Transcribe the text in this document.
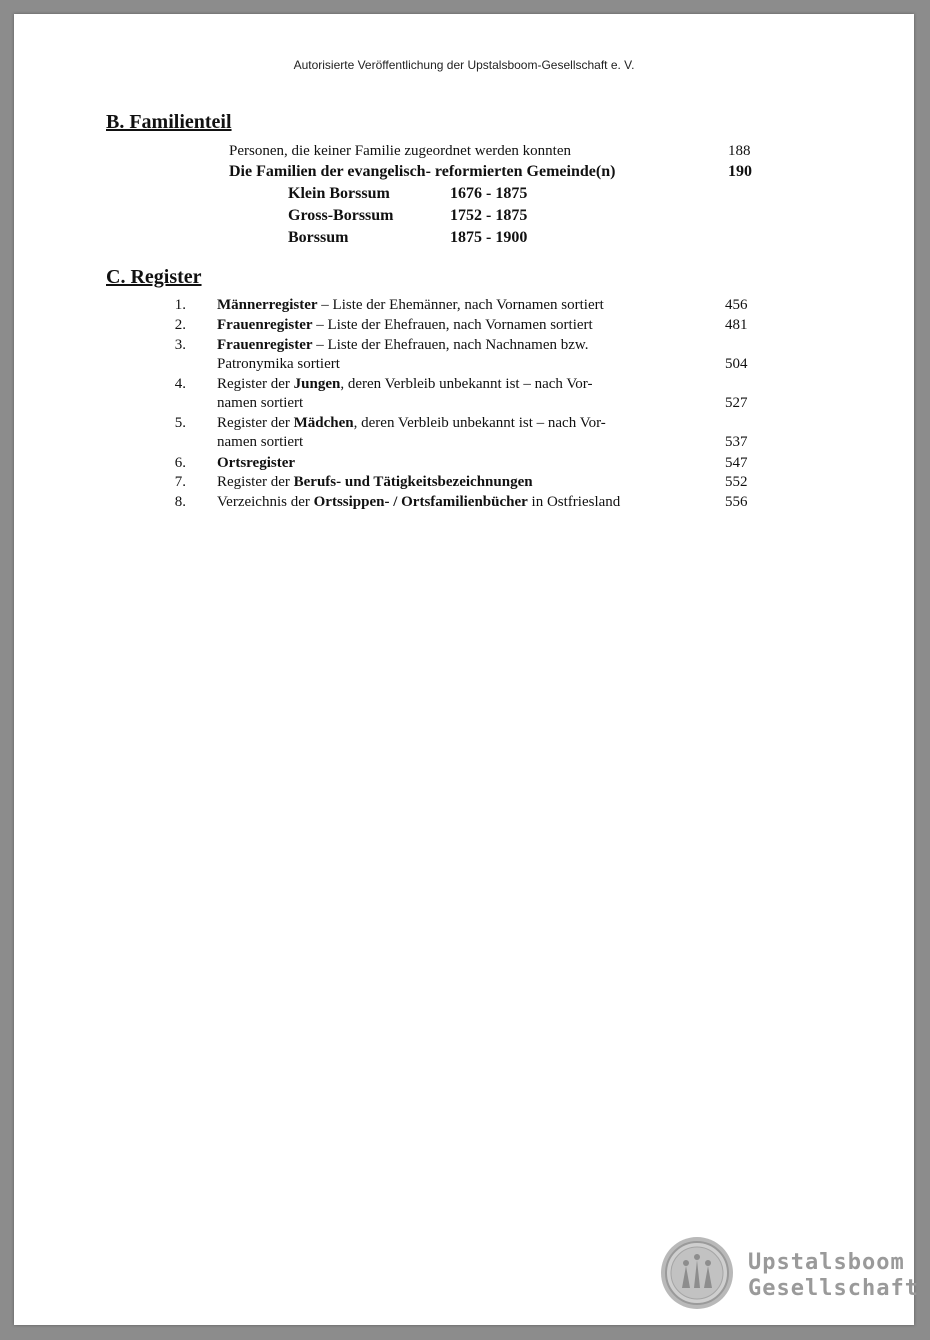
Autorisierte Veröffentlichung der Upstalsboom-Gesellschaft e. V.
B. Familienteil
Personen, die keiner Familie zugeordnet werden konnten	188
Die Familien der evangelisch- reformierten Gemeinde(n)	190
Klein Borssum	1676 - 1875
Gross-Borssum	1752 - 1875
Borssum	1875 - 1900
C. Register
1. Männerregister – Liste der Ehemänner, nach Vornamen sortiert	456
2. Frauenregister – Liste der Ehefrauen, nach Vornamen sortiert	481
3. Frauenregister – Liste der Ehefrauen, nach Nachnamen bzw.
Patronymika sortiert	504
4. Register der Jungen, deren Verbleib unbekannt ist – nach Vor-
namen sortiert	527
5. Register der Mädchen, deren Verbleib unbekannt ist – nach Vor-
namen sortiert	537
6. Ortsregister	547
7. Register der Berufs- und Tätigkeitsbezeichnungen	552
8. Verzeichnis der Ortssippen- / Ortsfamilienbücher in Ostfriesland	556
Upstalsboom
Gesellschaft
